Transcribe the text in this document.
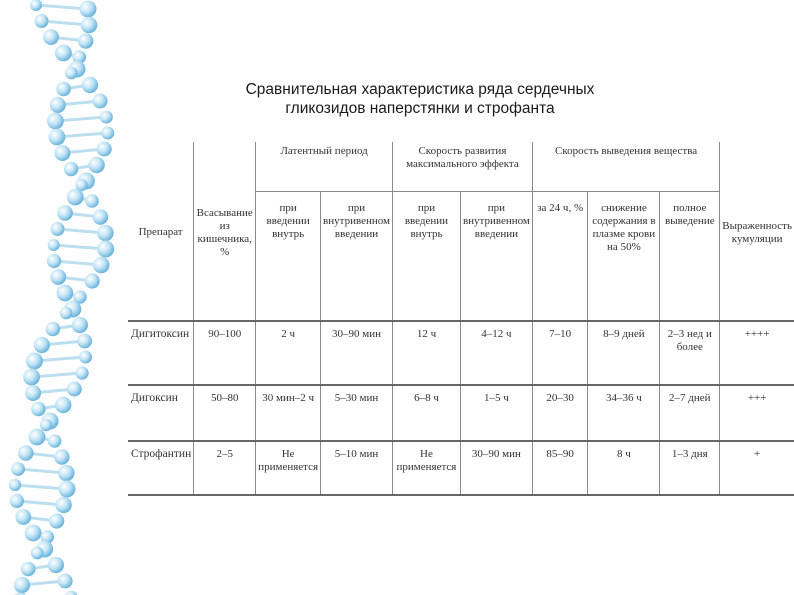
Сравнительная характеристика ряда сердечных
гликозидов наперстянки и строфанта
Препарат	Всасывание из кишечника, %	Латентный период		Скорость развития максимального эффекта		Скорость выведения вещества			Выраженность кумуляции
		при введении внутрь	при внутривенном введении	при введении внутрь	при внутривенном введении	за 24 ч, %	снижение содержания в плазме крови на 50%	полное выведение	
Дигитоксин	90–100	2 ч	30–90 мин	12 ч	4–12 ч	7–10	8–9 дней	2–3 нед и более	++++
Дигоксин	50–80	30 мин–2 ч	5–30 мин	6–8 ч	1–5 ч	20–30	34–36 ч	2–7 дней	+++
Строфантин	2–5	Не применяется	5–10 мин	Не применяется	30–90 мин	85–90	8 ч	1–3 дня	+
